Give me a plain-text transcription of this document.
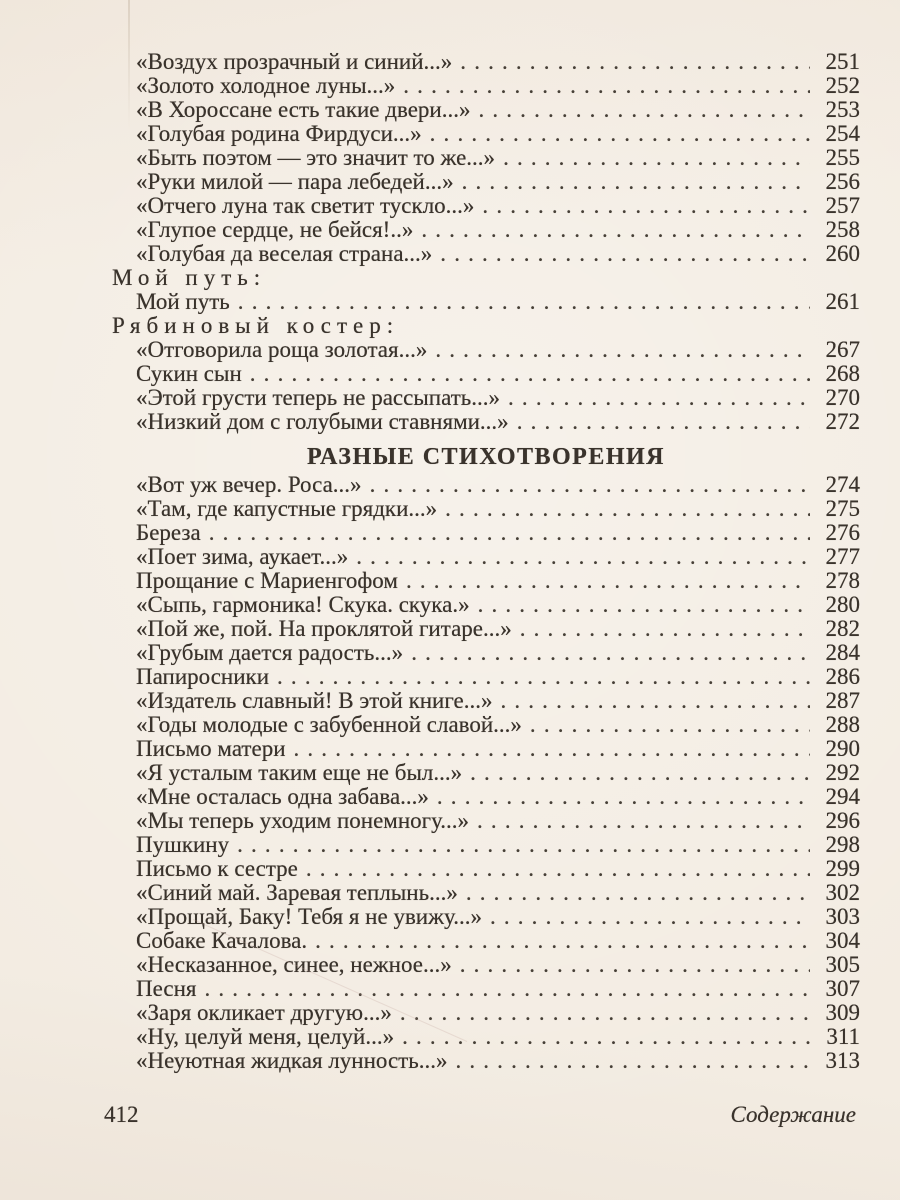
«Воздух прозрачный и синий...» . . .	251
«Золото холодное луны...» . . .	252
«В Хороссане есть такие двери...» . . .	253
«Голубая родина Фирдуси...» . . .	254
«Быть поэтом — это значит то же...» . . .	255
«Руки милой — пара лебедей...» . . .	256
«Отчего луна так светит тускло...» . . .	257
«Глупое сердце, не бейся!..» . . .	258
«Голубая да веселая страна...» . . .	260
Мой путь:
Мой путь . . .	261
Рябиновый костер:
«Отговорила роща золотая...» . . .	267
Сукин сын . . .	268
«Этой грусти теперь не рассыпать...» . . .	270
«Низкий дом с голубыми ставнями...» . . .	272
РАЗНЫЕ СТИХОТВОРЕНИЯ
«Вот уж вечер. Роса...» . . .	274
«Там, где капустные грядки...» . . .	275
Береза . . .	276
«Поет зима, аукает...» . . .	277
Прощание с Мариенгофом . . .	278
«Сыпь, гармоника! Скука. скука.» . . .	280
«Пой же, пой. На проклятой гитаре...» . . .	282
«Грубым дается радость...» . . .	284
Папиросники . . .	286
«Издатель славный! В этой книге...» . . .	287
«Годы молодые с забубенной славой...» . . .	288
Письмо матери . . .	290
«Я усталым таким еще не был...» . . .	292
«Мне осталась одна забава...» . . .	294
«Мы теперь уходим понемногу...» . . .	296
Пушкину . . .	298
Письмо к сестре . . .	299
«Синий май. Заревая теплынь...» . . .	302
«Прощай, Баку! Тебя я не увижу...» . . .	303
Собаке Качалова. . . .	304
«Несказанное, синее, нежное...» . . .	305
Песня . . .	307
«Заря окликает другую...» . . .	309
«Ну, целуй меня, целуй...» . . .	311
«Неуютная жидкая лунность...» . . .	313
412	Содержание
